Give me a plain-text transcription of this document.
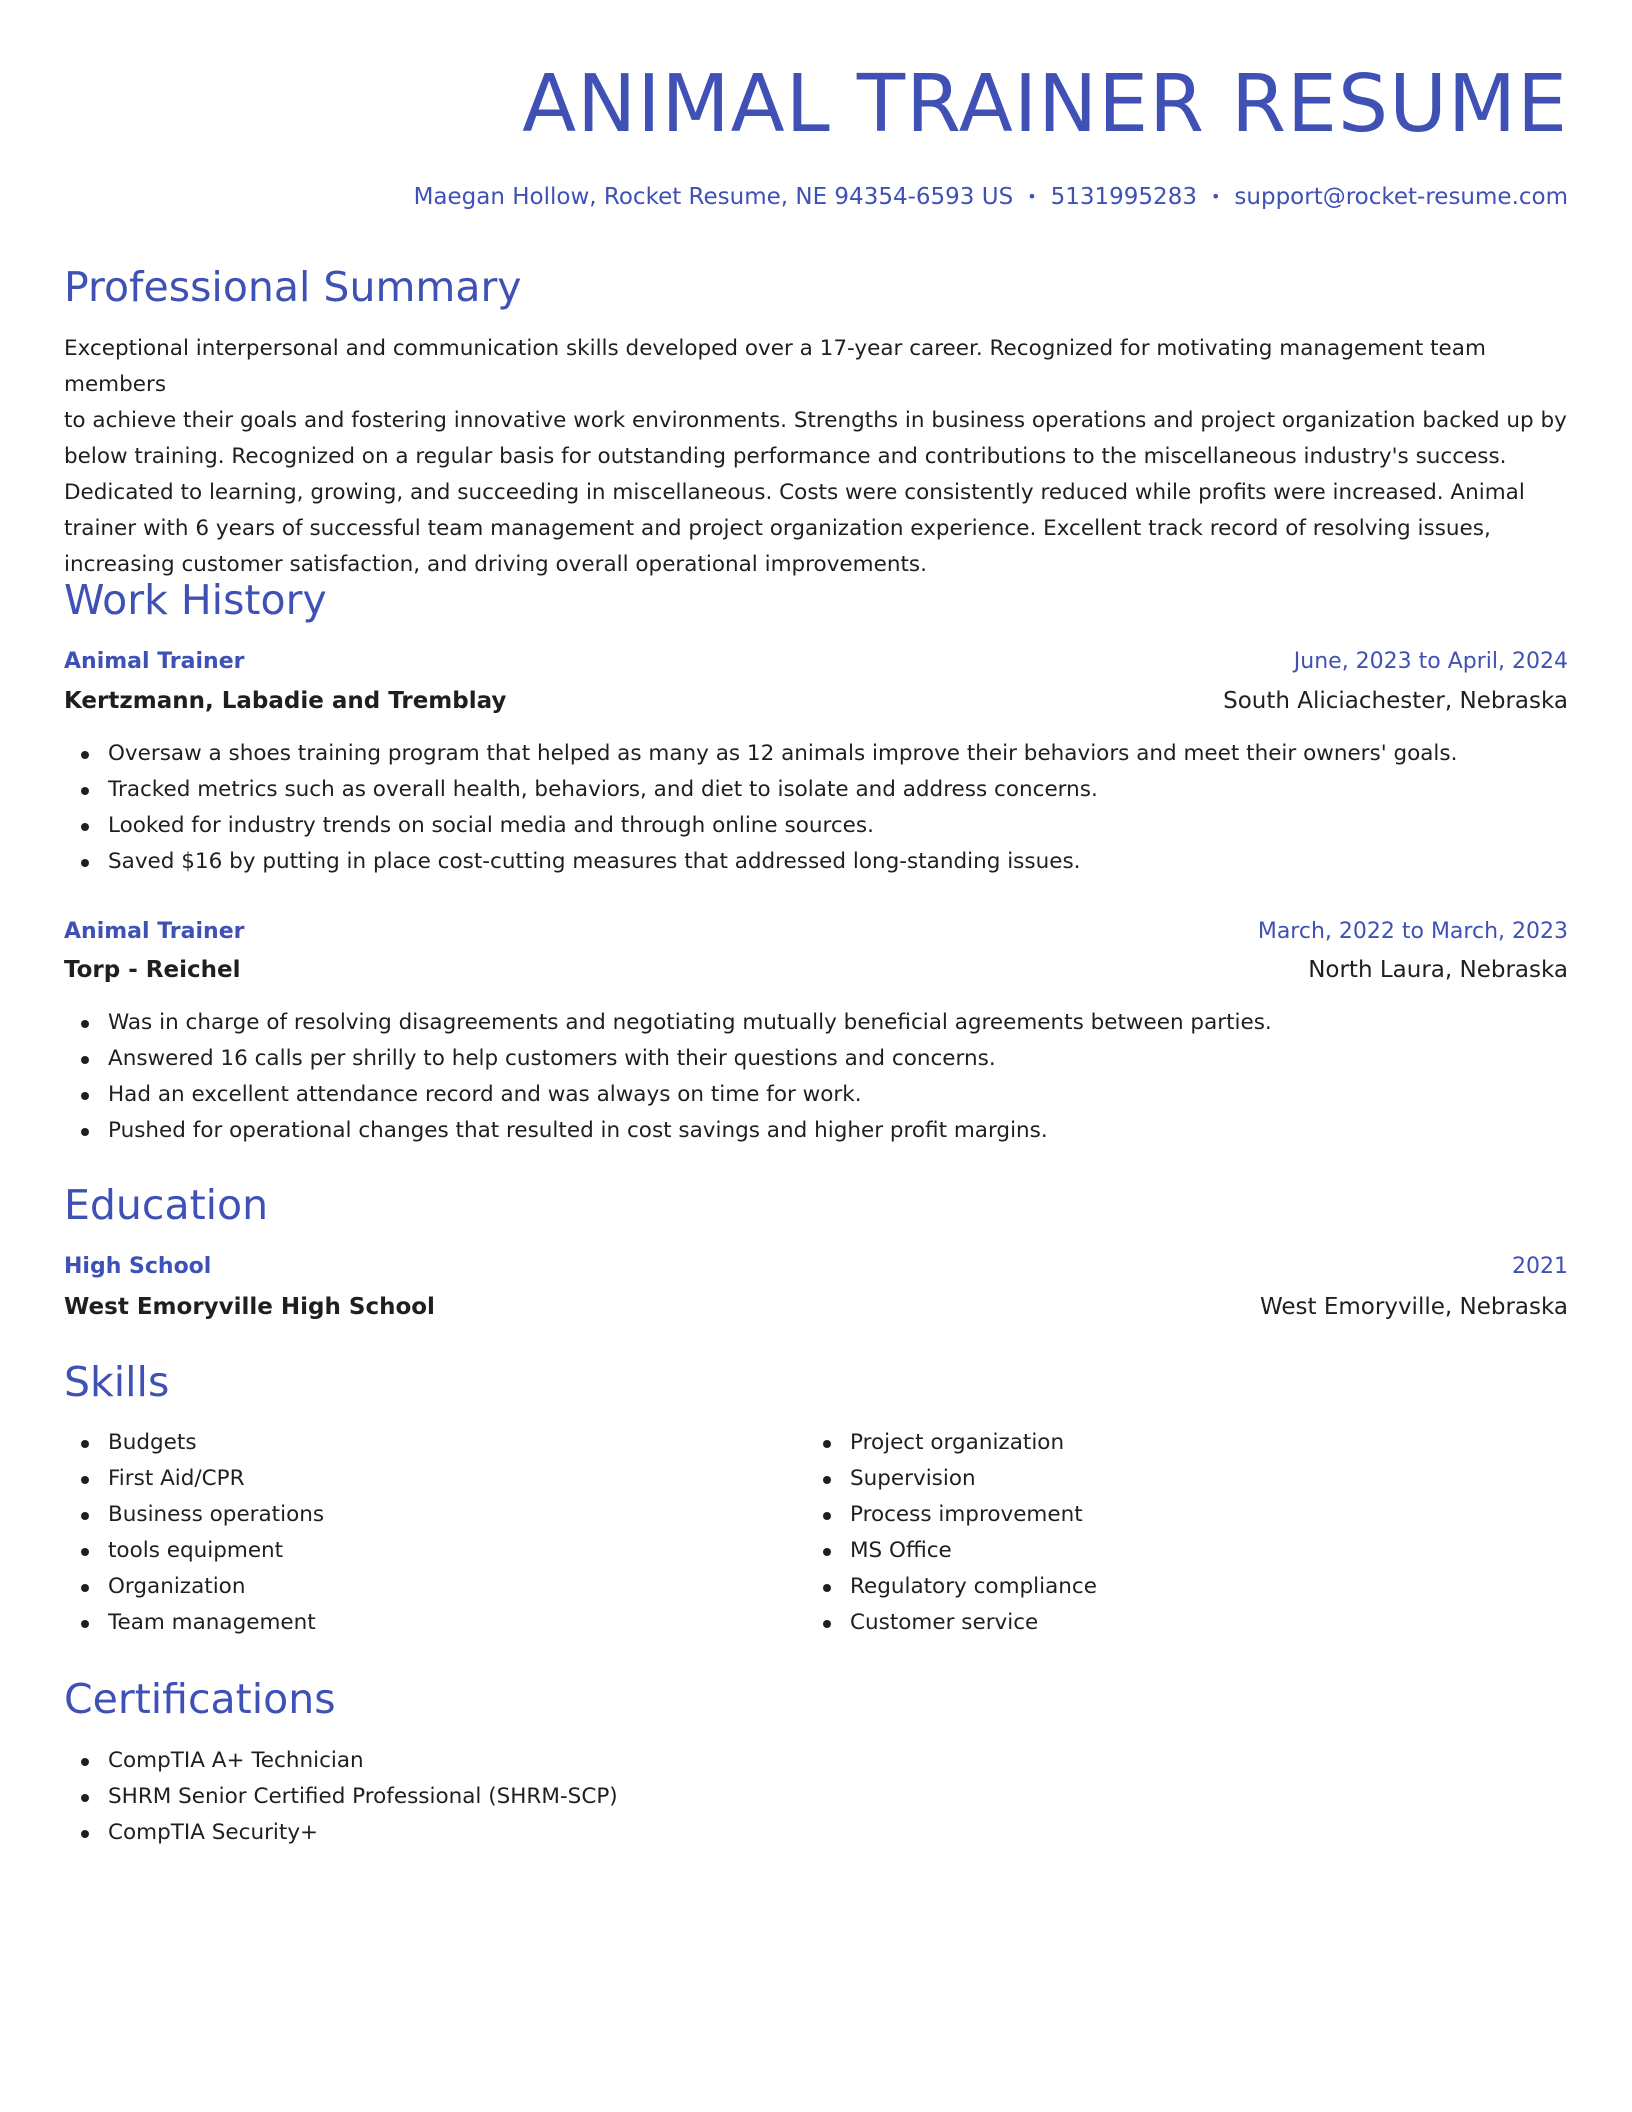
ANIMAL TRAINER RESUME
Maegan Hollow, Rocket Resume, NE 94354-6593 US • 5131995283 • support@rocket-resume.com
Professional Summary
Exceptional interpersonal and communication skills developed over a 17-year career. Recognized for motivating management team members
to achieve their goals and fostering innovative work environments. Strengths in business operations and project organization backed up by
below training. Recognized on a regular basis for outstanding performance and contributions to the miscellaneous industry's success.
Dedicated to learning, growing, and succeeding in miscellaneous. Costs were consistently reduced while profits were increased. Animal
trainer with 6 years of successful team management and project organization experience. Excellent track record of resolving issues,
increasing customer satisfaction, and driving overall operational improvements.
Work History
Animal Trainer	June, 2023 to April, 2024
Kertzmann, Labadie and Tremblay	South Aliciachester, Nebraska
Oversaw a shoes training program that helped as many as 12 animals improve their behaviors and meet their owners' goals.
Tracked metrics such as overall health, behaviors, and diet to isolate and address concerns.
Looked for industry trends on social media and through online sources.
Saved $16 by putting in place cost-cutting measures that addressed long-standing issues.
Animal Trainer	March, 2022 to March, 2023
Torp - Reichel	North Laura, Nebraska
Was in charge of resolving disagreements and negotiating mutually beneficial agreements between parties.
Answered 16 calls per shrilly to help customers with their questions and concerns.
Had an excellent attendance record and was always on time for work.
Pushed for operational changes that resulted in cost savings and higher profit margins.
Education
High School	2021
West Emoryville High School	West Emoryville, Nebraska
Skills
Budgets
First Aid/CPR
Business operations
tools equipment
Organization
Team management
Project organization
Supervision
Process improvement
MS Office
Regulatory compliance
Customer service
Certifications
CompTIA A+ Technician
SHRM Senior Certified Professional (SHRM-SCP)
CompTIA Security+
